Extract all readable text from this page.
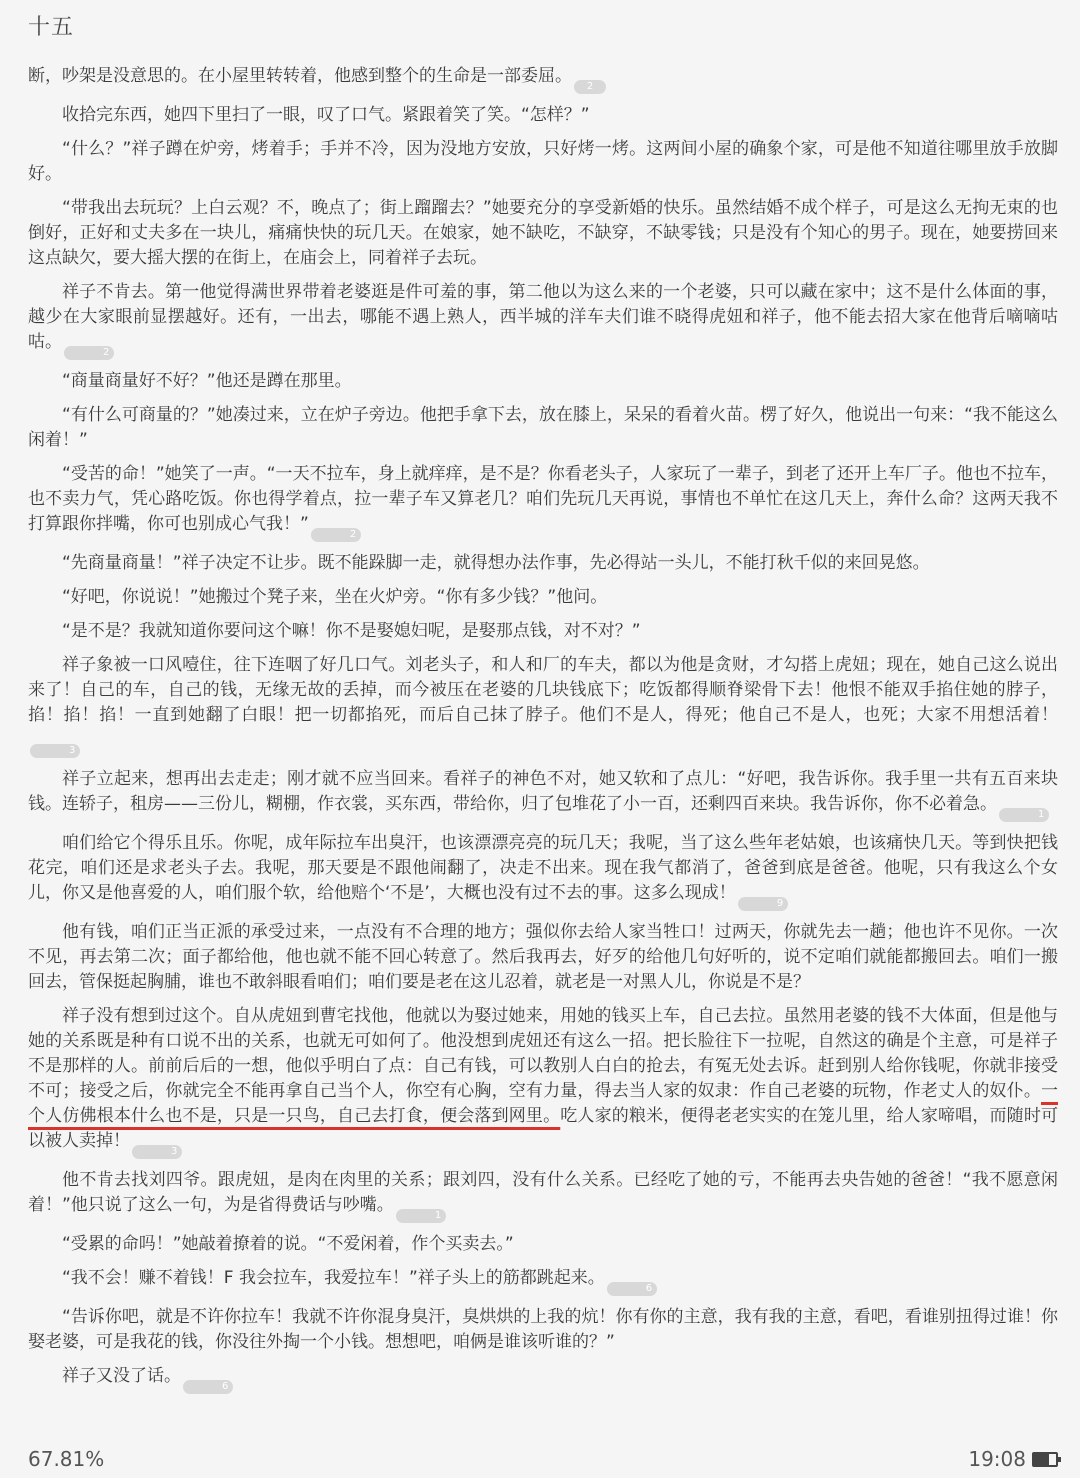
十五

断，吵架是没意思的。在小屋里转转着，他感到整个的生命是一部委屈。2

收拾完东西，她四下里扫了一眼，叹了口气。紧跟着笑了笑。“怎样？”

“什么？”祥子蹲在炉旁，烤着手；手并不冷，因为没地方安放，只好烤一烤。这两间小屋的确象个家，可是他不知道往哪里放手放脚好。

“带我出去玩玩？上白云观？不，晚点了；街上蹓蹓去？”她要充分的享受新婚的快乐。虽然结婚不成个样子，可是这么无拘无束的也倒好，正好和丈夫多在一块儿，痛痛快快的玩几天。在娘家，她不缺吃，不缺穿，不缺零钱；只是没有个知心的男子。现在，她要捞回来这点缺欠，要大摇大摆的在街上，在庙会上，同着祥子去玩。

祥子不肯去。第一他觉得满世界带着老婆逛是件可羞的事，第二他以为这么来的一个老婆，只可以藏在家中；这不是什么体面的事，越少在大家眼前显摆越好。还有，一出去，哪能不遇上熟人，西半城的洋车夫们谁不晓得虎妞和祥子，他不能去招大家在他背后嘀嘀咕咕。2

“商量商量好不好？”他还是蹲在那里。

“有什么可商量的？”她凑过来，立在炉子旁边。他把手拿下去，放在膝上，呆呆的看着火苗。楞了好久，他说出一句来：“我不能这么闲着！”

“受苦的命！”她笑了一声。“一天不拉车，身上就痒痒，是不是？你看老头子，人家玩了一辈子，到老了还开上车厂子。他也不拉车，也不卖力气，凭心路吃饭。你也得学着点，拉一辈子车又算老几？咱们先玩几天再说，事情也不单忙在这几天上，奔什么命？这两天我不打算跟你拌嘴，你可也别成心气我！”2

“先商量商量！”祥子决定不让步。既不能跺脚一走，就得想办法作事，先必得站一头儿，不能打秋千似的来回晃悠。

“好吧，你说说！”她搬过个凳子来，坐在火炉旁。“你有多少钱？”他问。

“是不是？我就知道你要问这个嘛！你不是娶媳妇呢，是娶那点钱，对不对？”

祥子象被一口风噎住，往下连咽了好几口气。刘老头子，和人和厂的车夫，都以为他是贪财，才勾搭上虎妞；现在，她自己这么说出来了！自己的车，自己的钱，无缘无故的丢掉，而今被压在老婆的几块钱底下；吃饭都得顺脊梁骨下去！他恨不能双手掐住她的脖子，掐！掐！掐！一直到她翻了白眼！把一切都掐死，而后自己抹了脖子。他们不是人，得死；他自己不是人，也死；大家不用想活着！3

祥子立起来，想再出去走走；刚才就不应当回来。看祥子的神色不对，她又软和了点儿：“好吧，我告诉你。我手里一共有五百来块钱。连轿子，租房——三份儿，糊棚，作衣裳，买东西，带给你，归了包堆花了小一百，还剩四百来块。我告诉你，你不必着急。1

咱们给它个得乐且乐。你呢，成年际拉车出臭汗，也该漂漂亮亮的玩几天；我呢，当了这么些年老姑娘，也该痛快几天。等到快把钱花完，咱们还是求老头子去。我呢，那天要是不跟他闹翻了，决走不出来。现在我气都消了，爸爸到底是爸爸。他呢，只有我这么个女儿，你又是他喜爱的人，咱们服个软，给他赔个‘不是’，大概也没有过不去的事。这多么现成！9

他有钱，咱们正当正派的承受过来，一点没有不合理的地方；强似你去给人家当牲口！过两天，你就先去一趟；他也许不见你。一次不见，再去第二次；面子都给他，他也就不能不回心转意了。然后我再去，好歹的给他几句好听的，说不定咱们就能都搬回去。咱们一搬回去，管保挺起胸脯，谁也不敢斜眼看咱们；咱们要是老在这儿忍着，就老是一对黑人儿，你说是不是？

祥子没有想到过这个。自从虎妞到曹宅找他，他就以为娶过她来，用她的钱买上车，自己去拉。虽然用老婆的钱不大体面，但是他与她的关系既是种有口说不出的关系，也就无可如何了。他没想到虎妞还有这么一招。把长脸往下一拉呢，自然这的确是个主意，可是祥子不是那样的人。前前后后的一想，他似乎明白了点：自己有钱，可以教别人白白的抢去，有冤无处去诉。赶到别人给你钱呢，你就非接受不可；接受之后，你就完全不能再拿自己当个人，你空有心胸，空有力量，得去当人家的奴隶：作自己老婆的玩物，作老丈人的奴仆。一个人仿佛根本什么也不是，只是一只鸟，自己去打食，便会落到网里。吃人家的粮米，便得老老实实的在笼儿里，给人家啼唱，而随时可以被人卖掉！3

他不肯去找刘四爷。跟虎妞，是肉在肉里的关系；跟刘四，没有什么关系。已经吃了她的亏，不能再去央告她的爸爸！“我不愿意闲着！”他只说了这么一句，为是省得费话与吵嘴。1

“受累的命吗！”她敲着撩着的说。“不爱闲着，作个买卖去。”

“我不会！赚不着钱！F 我会拉车，我爱拉车！”祥子头上的筋都跳起来。6

“告诉你吧，就是不许你拉车！我就不许你混身臭汗，臭烘烘的上我的炕！你有你的主意，我有我的主意，看吧，看谁别扭得过谁！你娶老婆，可是我花的钱，你没往外掏一个小钱。想想吧，咱俩是谁该听谁的？”

祥子又没了话。6

67.81%	19:08
